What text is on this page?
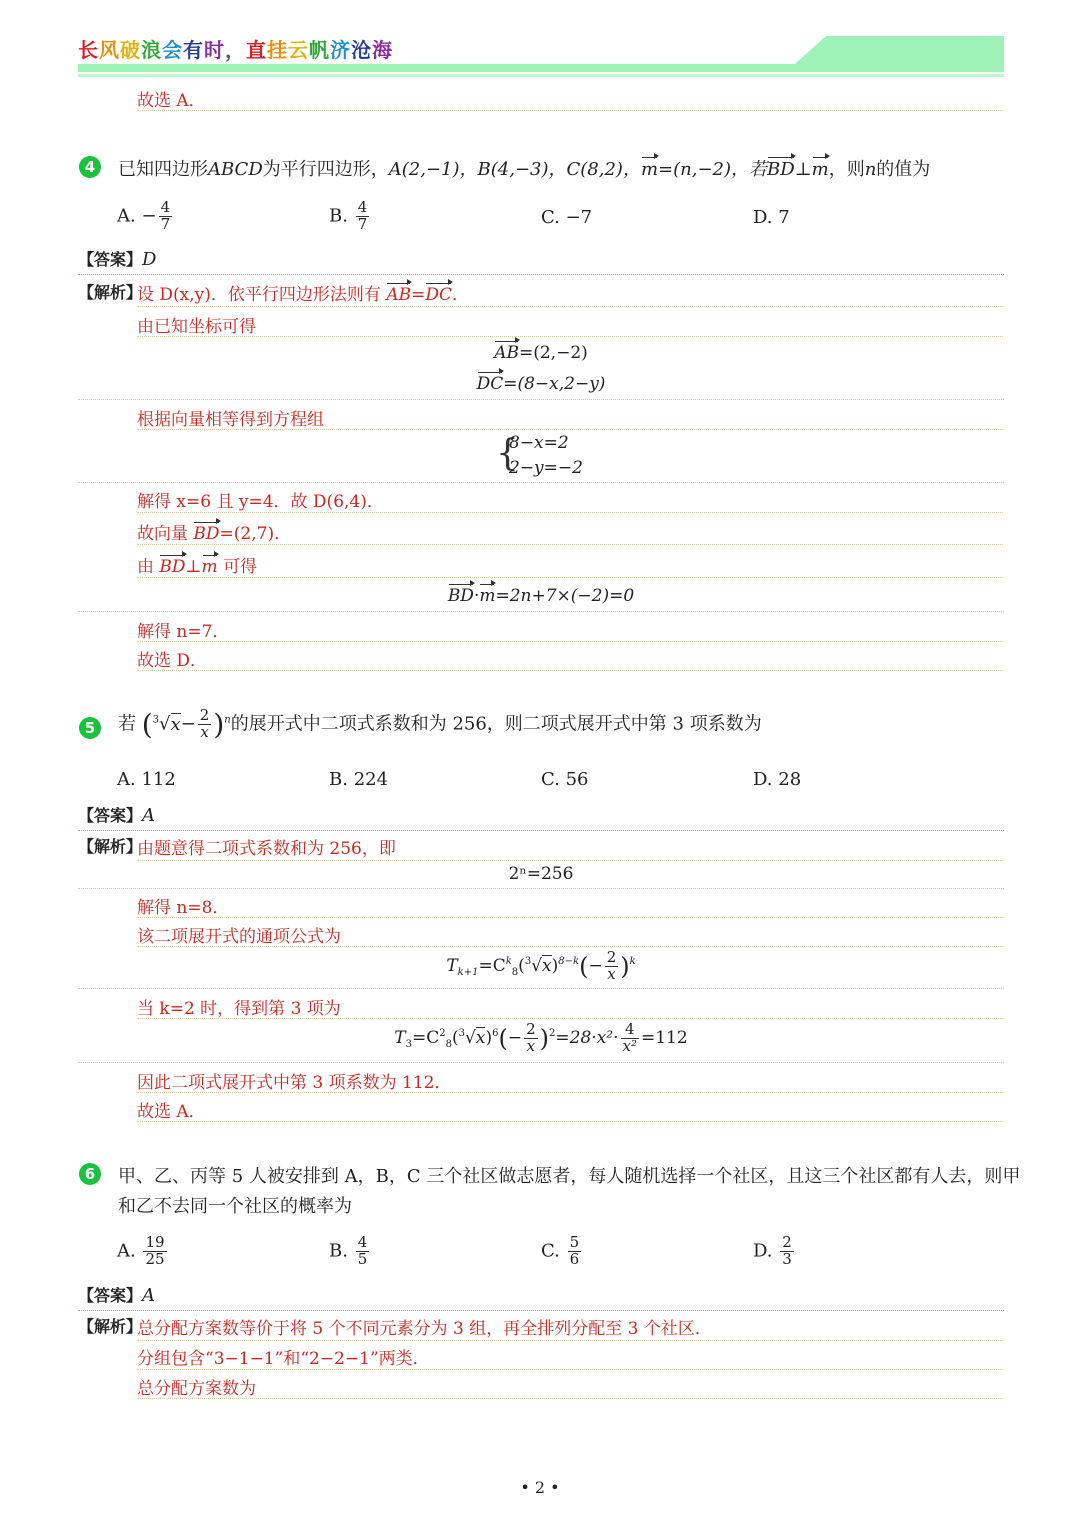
长风破浪会有时，直挂云帆济沧海
故选 A．
4	已知四边形ABCD为平行四边形，A(2,−1)，B(4,−3)，C(8,2)，m=(n,−2)，若BD⊥m，则n的值为
A. − $\frac{4}{7}$	B. $\frac{4}{7}$	C. −7	D. 7
【答案】D
【解析】
设 D(x,y)．依平行四边形法则有 AB=DC．
由已知坐标可得
AB=(2,−2)
DC=(8−x,2−y)
根据向量相等得到方程组
{
8−x=2
2−y=−2
解得 x=6 且 y=4．故 D(6,4)．
故向量 BD=(2,7)．
由 BD⊥m 可得
BD·m=2n+7×(−2)=0
解得 n=7．
故选 D．
5	若 $(^3√x- \frac{2}{x} )^n$的展开式中二项式系数和为 256，则二项式展开式中第 3 项系数为
A. 112	B. 224	C. 56	D. 28
【答案】A
【解析】
由题意得二项式系数和为 256，即
2ⁿ=256
解得 n=8．
该二项展开式的通项公式为
$T_{k+1}=C^k_8(^3√x)^{8-k}(- \frac{2}{x} )^k$
当 k=2 时，得到第 3 项为
$T_3=C^2_8(^3√x)^6(- \frac{2}{x} )^2=28\cdot x^2\cdot \frac{4}{\text{x²}} =112$
因此二项式展开式中第 3 项系数为 112．
故选 A．
6	甲、乙、丙等 5 人被安排到 A，B，C 三个社区做志愿者，每人随机选择一个社区，且这三个社区都有人去，则甲
和乙不去同一个社区的概率为
A. $\frac{19}{25}$	B. $\frac{4}{5}$	C. $\frac{5}{6}$	D. $\frac{2}{3}$
【答案】A
【解析】
总分配方案数等价于将 5 个不同元素分为 3 组，再全排列分配至 3 个社区．
分组包含“3−1−1”和“2−2−1”两类．
总分配方案数为
• 2 •
